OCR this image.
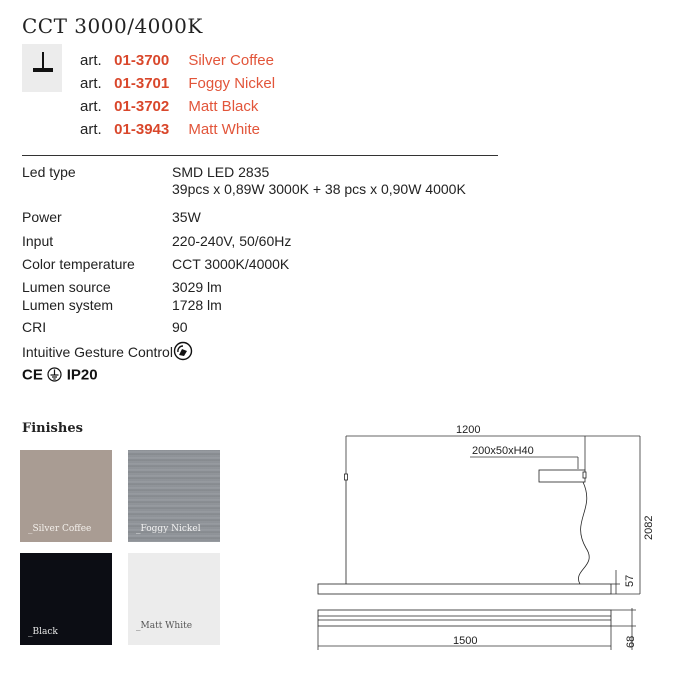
CCT 3000/4000K
art. 01-3700 Silver Coffee
art. 01-3701 Foggy Nickel
art. 01-3702 Matt Black
art. 01-3943 Matt White
Led type	SMD LED 2835
39pcs x 0,89W 3000K + 38 pcs x 0,90W 4000K
Power	35W
Input	220-240V, 50/60Hz
Color temperature	CCT 3000K/4000K
Lumen source	3029 lm
Lumen system	1728 lm
CRI	90
Intuitive Gesture Control
CE IP20
Finishes
_Silver Coffee	_Foggy Nickel
_Black
_Matt White
1200
200x50xH40
2082
57
1500	68
